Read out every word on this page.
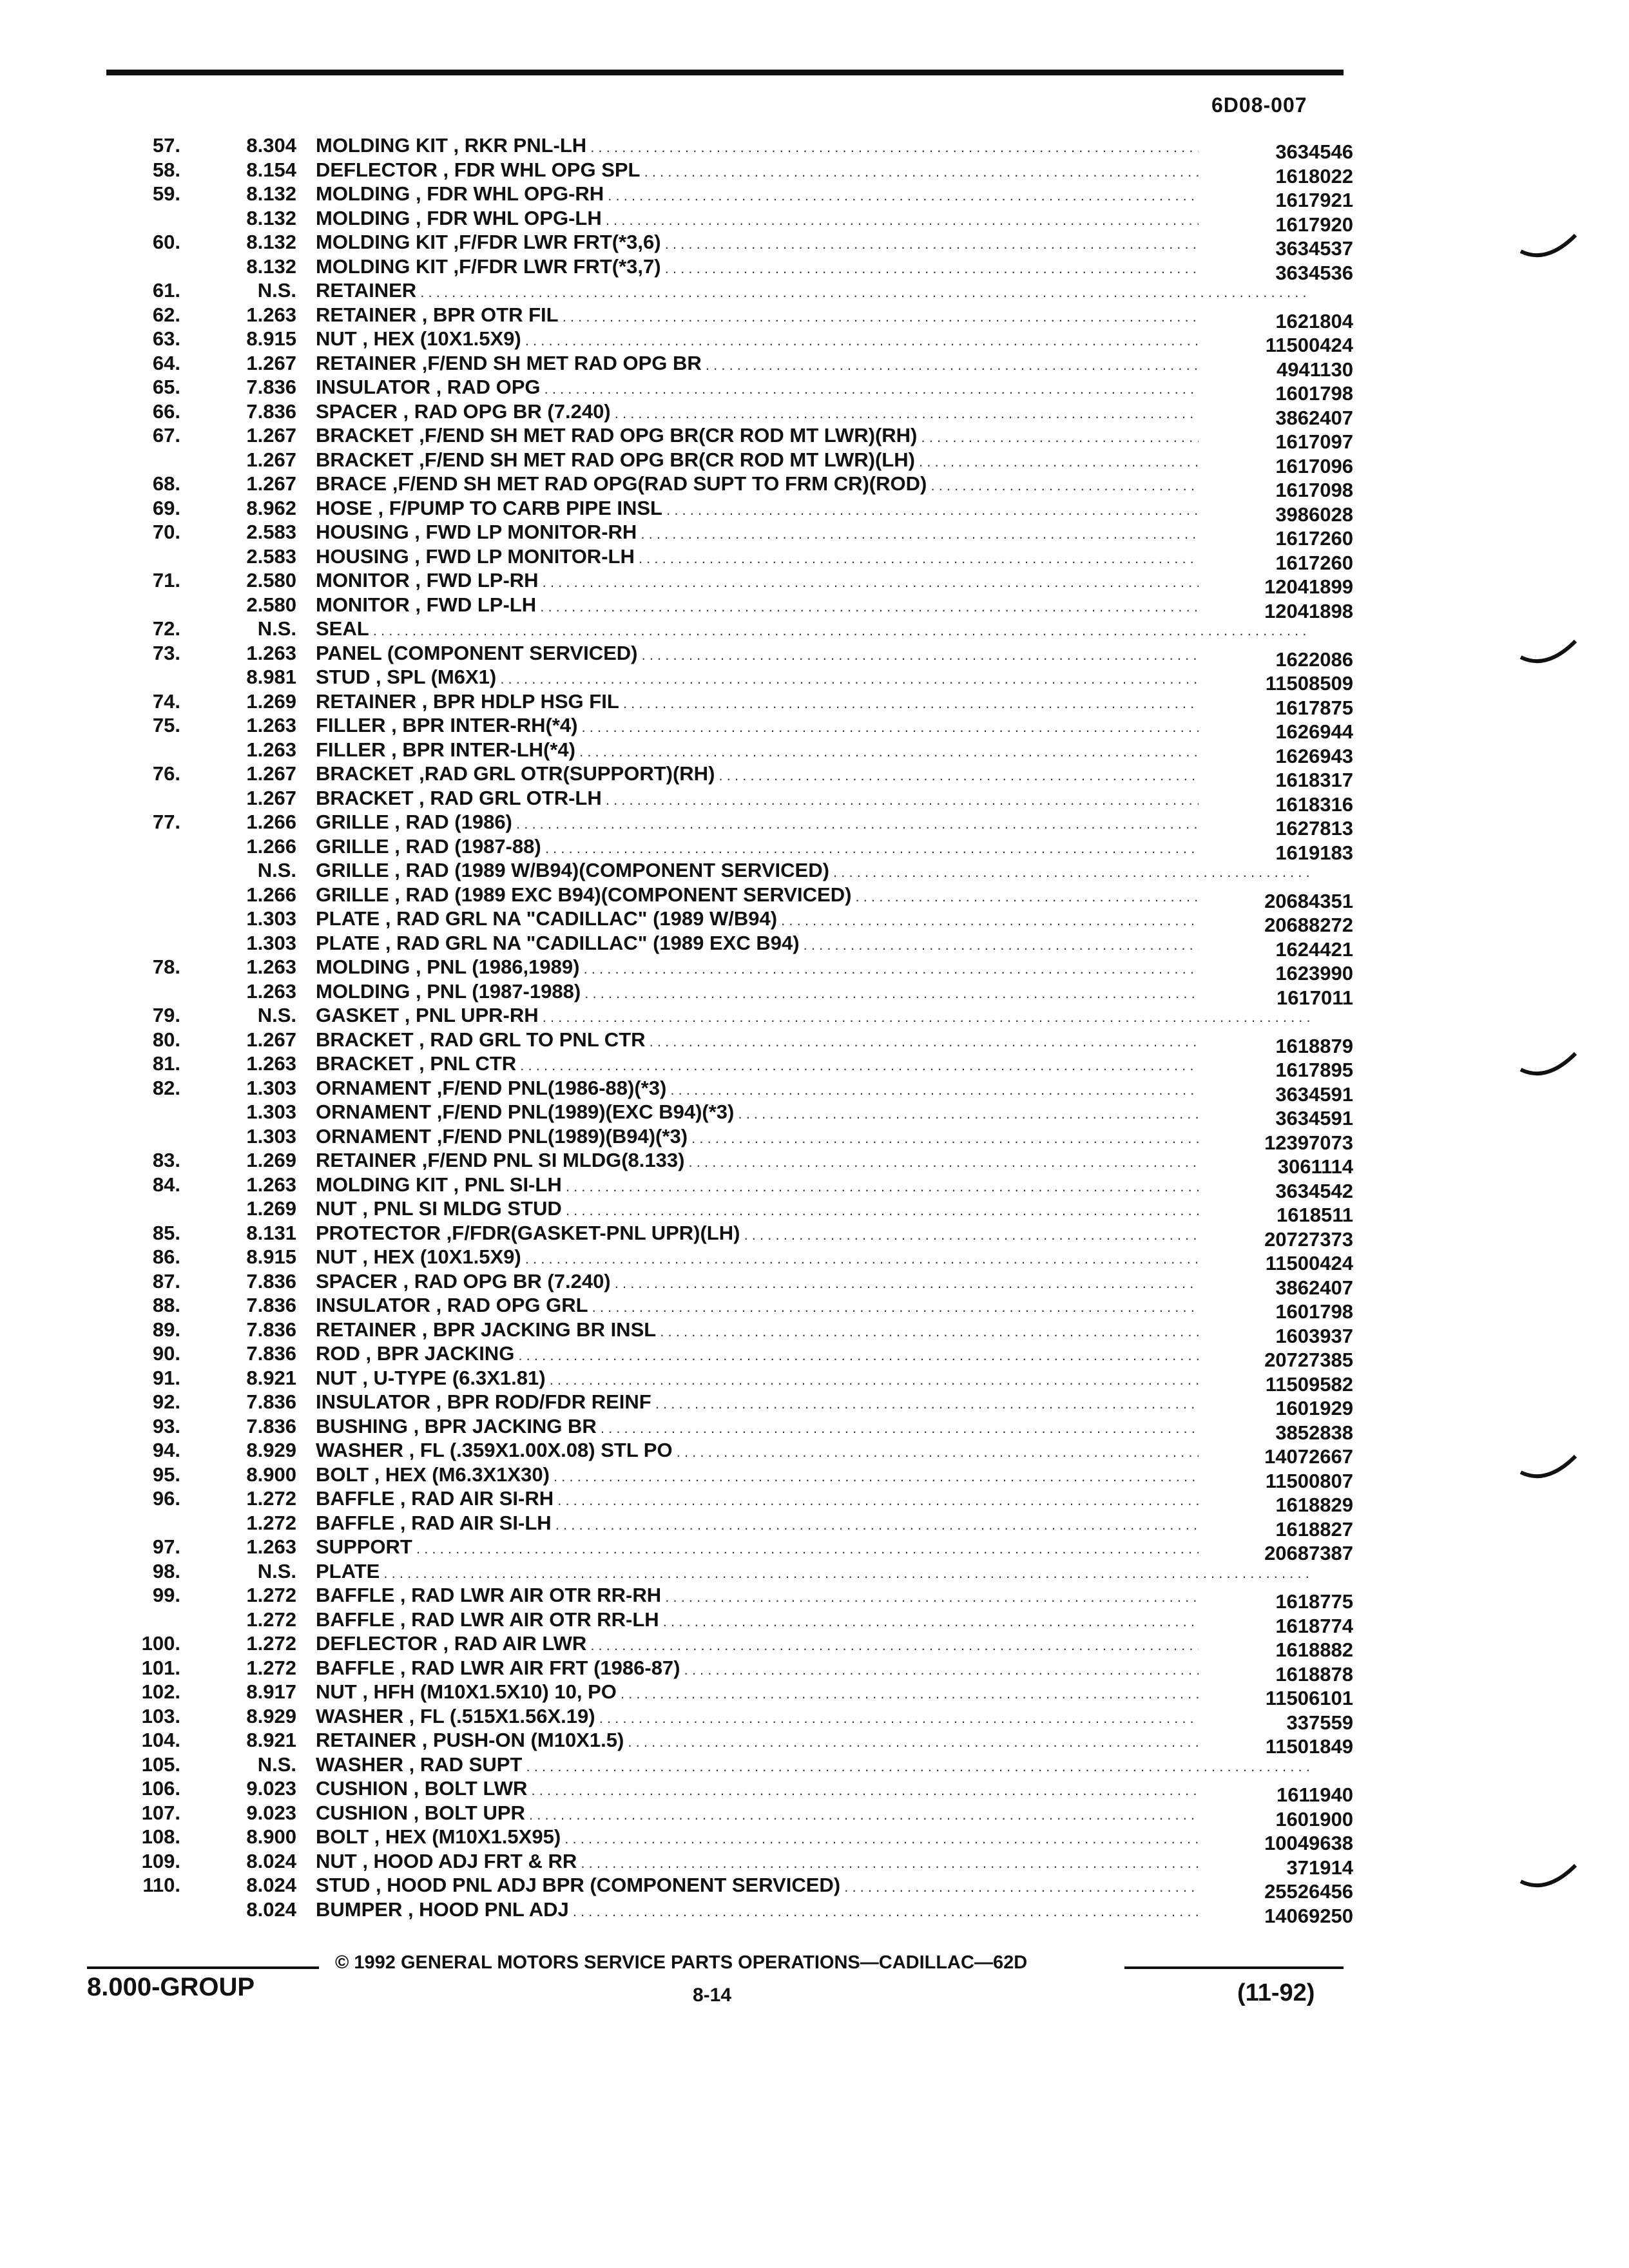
6D08-007
57.	8.304 MOLDING KIT , RKR PNL-LH . . .	3634546
58.	8.154 DEFLECTOR , FDR WHL OPG SPL . . .	1618022
59.	8.132 MOLDING , FDR WHL OPG-RH . . .	1617921
8.132 MOLDING , FDR WHL OPG-LH . . .	1617920
60.	8.132 MOLDING KIT ,F/FDR LWR FRT(*3,6) . . .	3634537
8.132 MOLDING KIT ,F/FDR LWR FRT(*3,7) . . .	3634536
61.	N.S. RETAINER . . .
62.	1.263 RETAINER , BPR OTR FIL . . .	1621804
63.	8.915 NUT , HEX (10X1.5X9) . . .	11500424
64.	1.267 RETAINER ,F/END SH MET RAD OPG BR . . .	4941130
65.	7.836 INSULATOR , RAD OPG . . .	1601798
66.	7.836 SPACER , RAD OPG BR (7.240) . . .	3862407
67.	1.267 BRACKET ,F/END SH MET RAD OPG BR(CR ROD MT LWR)(RH) . . .	1617097
1.267 BRACKET ,F/END SH MET RAD OPG BR(CR ROD MT LWR)(LH) . . .	1617096
68.	1.267 BRACE ,F/END SH MET RAD OPG(RAD SUPT TO FRM CR)(ROD) . . .	1617098
69.	8.962 HOSE , F/PUMP TO CARB PIPE INSL . . .	3986028
70.	2.583 HOUSING , FWD LP MONITOR-RH . . .	1617260
2.583 HOUSING , FWD LP MONITOR-LH . . .	1617260
71.	2.580 MONITOR , FWD LP-RH . . .	12041899
2.580 MONITOR , FWD LP-LH . . .	12041898
72.	N.S. SEAL . . .
73.	1.263 PANEL (COMPONENT SERVICED) . . .	1622086
8.981 STUD , SPL (M6X1) . . .	11508509
74.	1.269 RETAINER , BPR HDLP HSG FIL . . .	1617875
75.	1.263 FILLER , BPR INTER-RH(*4) . . .	1626944
1.263 FILLER , BPR INTER-LH(*4) . . .	1626943
76.	1.267 BRACKET ,RAD GRL OTR(SUPPORT)(RH) . . .	1618317
1.267 BRACKET , RAD GRL OTR-LH . . .	1618316
77.	1.266 GRILLE , RAD (1986) . . .	1627813
1.266 GRILLE , RAD (1987-88) . . .	1619183
N.S. GRILLE , RAD (1989 W/B94)(COMPONENT SERVICED) . . .
1.266 GRILLE , RAD (1989 EXC B94)(COMPONENT SERVICED) . . .	20684351
1.303 PLATE , RAD GRL NA "CADILLAC" (1989 W/B94) . . .	20688272
1.303 PLATE , RAD GRL NA "CADILLAC" (1989 EXC B94) . . .	1624421
78.	1.263 MOLDING , PNL (1986,1989) . . .	1623990
1.263 MOLDING , PNL (1987-1988) . . .	1617011
79.	N.S. GASKET , PNL UPR-RH . . .
80.	1.267 BRACKET , RAD GRL TO PNL CTR . . .	1618879
81.	1.263 BRACKET , PNL CTR . . .	1617895
82.	1.303 ORNAMENT ,F/END PNL(1986-88)(*3) . . .	3634591
1.303 ORNAMENT ,F/END PNL(1989)(EXC B94)(*3) . . .	3634591
1.303 ORNAMENT ,F/END PNL(1989)(B94)(*3) . . .	12397073
83.	1.269 RETAINER ,F/END PNL SI MLDG(8.133) . . .	3061114
84.	1.263 MOLDING KIT , PNL SI-LH . . .	3634542
1.269 NUT , PNL SI MLDG STUD . . .	1618511
85.	8.131 PROTECTOR ,F/FDR(GASKET-PNL UPR)(LH) . . .	20727373
86.	8.915 NUT , HEX (10X1.5X9) . . .	11500424
87.	7.836 SPACER , RAD OPG BR (7.240) . . .	3862407
88.	7.836 INSULATOR , RAD OPG GRL . . .	1601798
89.	7.836 RETAINER , BPR JACKING BR INSL . . .	1603937
90.	7.836 ROD , BPR JACKING . . .	20727385
91.	8.921 NUT , U-TYPE (6.3X1.81) . . .	11509582
92.	7.836 INSULATOR , BPR ROD/FDR REINF . . .	1601929
93.	7.836 BUSHING , BPR JACKING BR . . .	3852838
94.	8.929 WASHER , FL (.359X1.00X.08) STL PO . . .	14072667
95.	8.900 BOLT , HEX (M6.3X1X30) . . .	11500807
96.	1.272 BAFFLE , RAD AIR SI-RH . . .	1618829
1.272 BAFFLE , RAD AIR SI-LH . . .	1618827
97.	1.263 SUPPORT . . .	20687387
98.	N.S. PLATE . . .
99.	1.272 BAFFLE , RAD LWR AIR OTR RR-RH . . .	1618775
1.272 BAFFLE , RAD LWR AIR OTR RR-LH . . .	1618774
100.	1.272 DEFLECTOR , RAD AIR LWR . . .	1618882
101.	1.272 BAFFLE , RAD LWR AIR FRT (1986-87) . . .	1618878
102.	8.917 NUT , HFH (M10X1.5X10) 10, PO . . .	11506101
103.	8.929 WASHER , FL (.515X1.56X.19) . . .	337559
104.	8.921 RETAINER , PUSH-ON (M10X1.5) . . .	11501849
105.	N.S. WASHER , RAD SUPT . . .
106.	9.023 CUSHION , BOLT LWR . . .	1611940
107.	9.023 CUSHION , BOLT UPR . . .	1601900
108.	8.900 BOLT , HEX (M10X1.5X95) . . .	10049638
109.	8.024 NUT , HOOD ADJ FRT & RR . . .	371914
110.	8.024 STUD , HOOD PNL ADJ BPR (COMPONENT SERVICED) . . .	25526456
8.024 BUMPER , HOOD PNL ADJ . . .	14069250
© 1992 GENERAL MOTORS SERVICE PARTS OPERATIONS—CADILLAC—62D
8.000-GROUP	8-14	(11-92)
